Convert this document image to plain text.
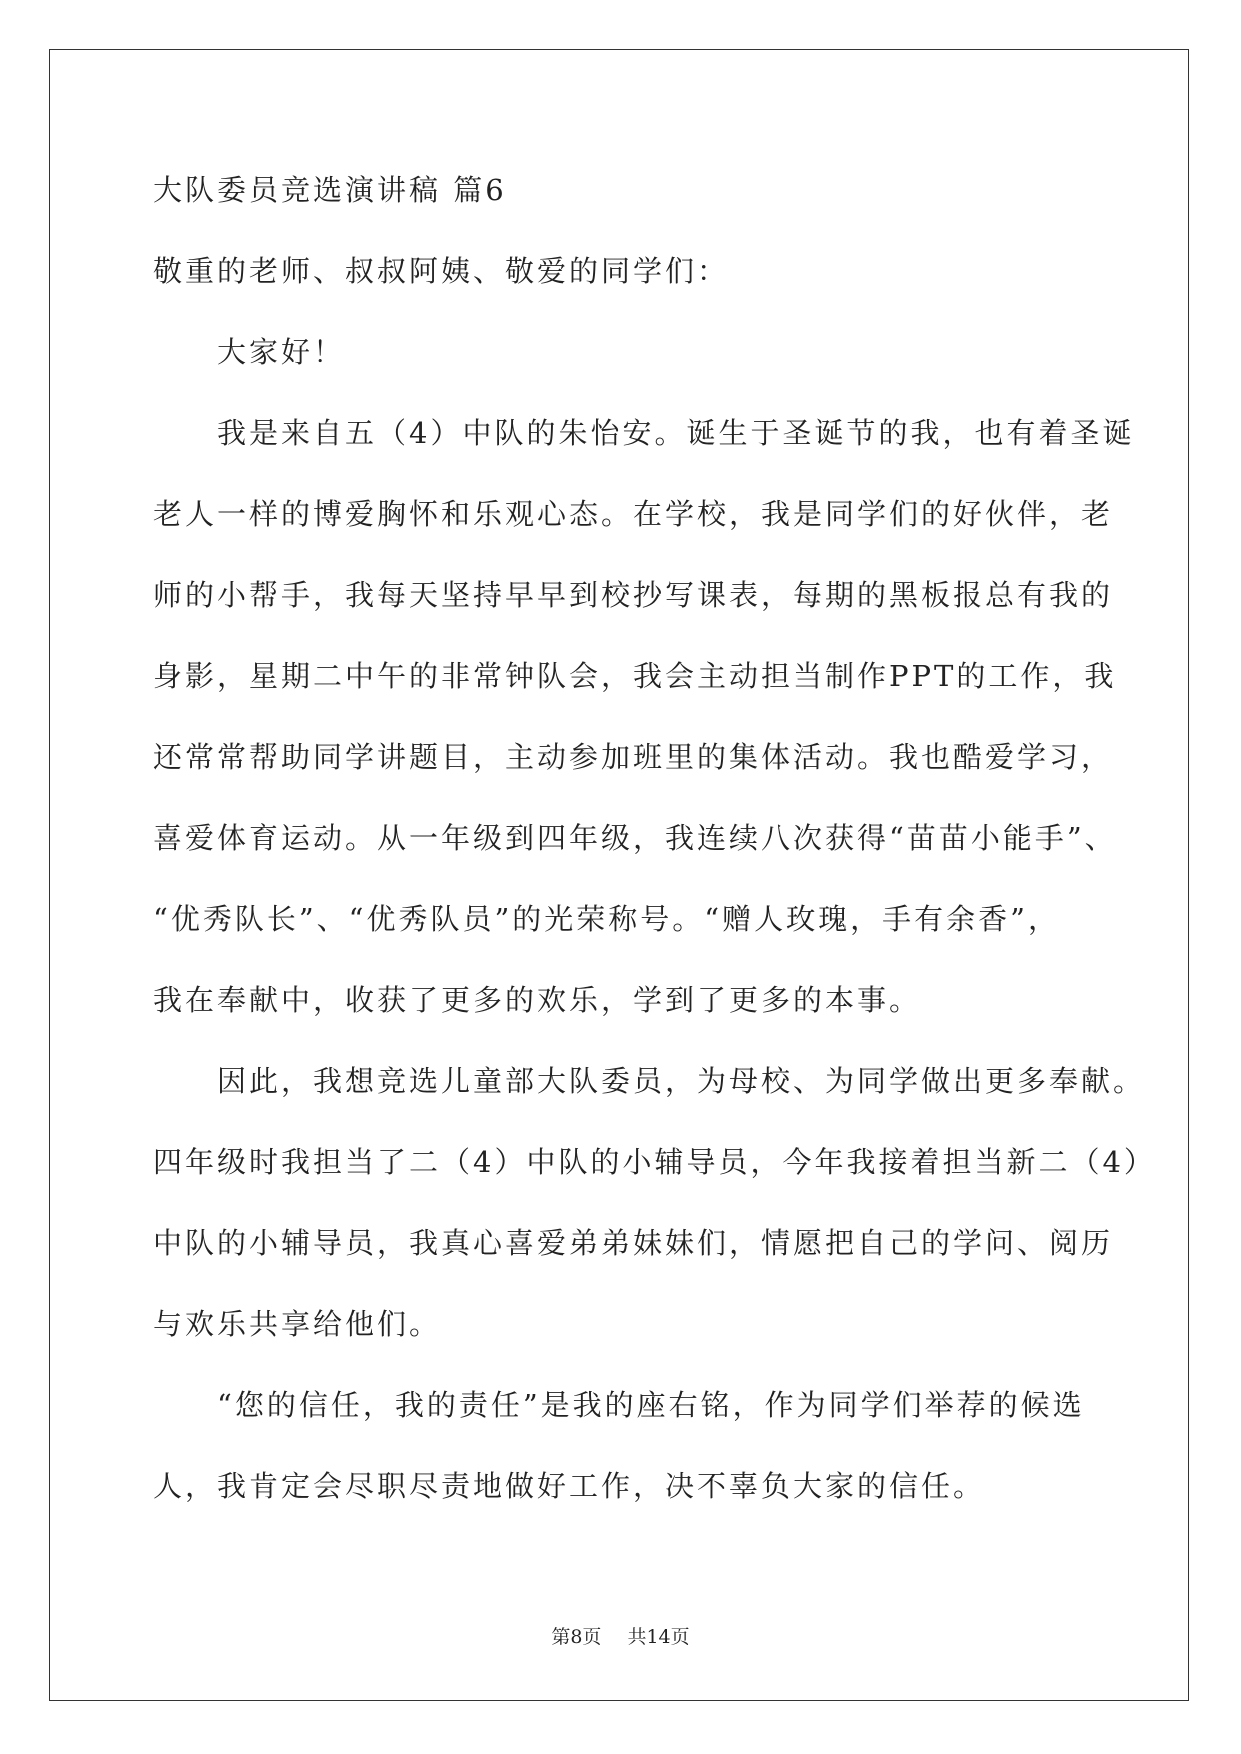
大队委员竞选演讲稿 篇6

敬重的老师、叔叔阿姨、敬爱的同学们：

大家好！

我是来自五（4）中队的朱怡安。诞生于圣诞节的我，也有着圣诞

老人一样的博爱胸怀和乐观心态。在学校，我是同学们的好伙伴，老

师的小帮手，我每天坚持早早到校抄写课表，每期的黑板报总有我的

身影，星期二中午的非常钟队会，我会主动担当制作PPT的工作，我

还常常帮助同学讲题目，主动参加班里的集体活动。我也酷爱学习，

喜爱体育运动。从一年级到四年级，我连续八次获得“苗苗小能手”、

“优秀队长”、“优秀队员”的光荣称号。“赠人玫瑰，手有余香”，

我在奉献中，收获了更多的欢乐，学到了更多的本事。

因此，我想竞选儿童部大队委员，为母校、为同学做出更多奉献。

四年级时我担当了二（4）中队的小辅导员，今年我接着担当新二（4）

中队的小辅导员，我真心喜爱弟弟妹妹们，情愿把自己的学问、阅历

与欢乐共享给他们。

“您的信任，我的责任”是我的座右铭，作为同学们举荐的候选

人，我肯定会尽职尽责地做好工作，决不辜负大家的信任。

第8页 共14页
